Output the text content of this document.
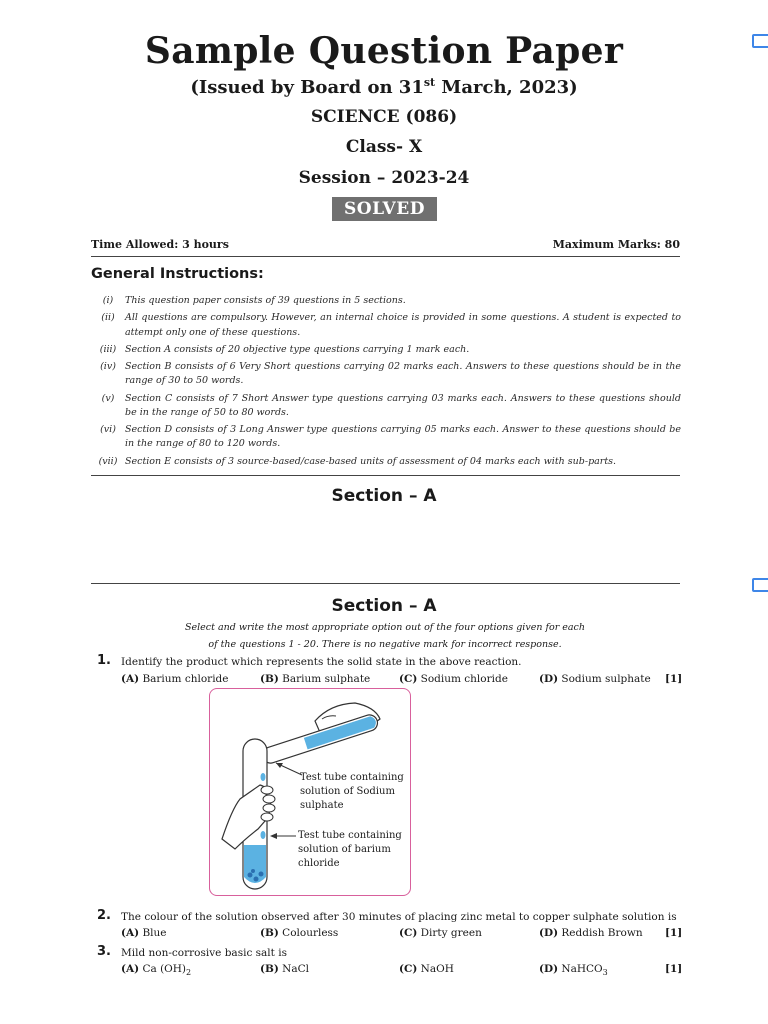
Sample Question Paper
(Issued by Board on 31st March, 2023)
SCIENCE (086)
Class- X
Session – 2023-24
SOLVED
Time Allowed: 3 hours	Maximum Marks: 80
General Instructions:
(i)	This question paper consists of 39 questions in 5 sections.
(ii)	All questions are compulsory. However, an internal choice is provided in some questions. A student is expected to attempt only one of these questions.
(iii) Section A consists of 20 objective type questions carrying 1 mark each.
(iv) Section B consists of 6 Very Short questions carrying 02 marks each. Answers to these questions should be in the range of 30 to 50 words.
(v)	Section C consists of 7 Short Answer type questions carrying 03 marks each. Answers to these questions should be in the range of 50 to 80 words.
(vi) Section D consists of 3 Long Answer type questions carrying 05 marks each. Answer to these questions should be in the range of 80 to 120 words.
(vii) Section E consists of 3 source-based/case-based units of assessment of 04 marks each with sub-parts.
Section – A
Section – A
Select and write the most appropriate option out of the four options given for each of the questions 1 - 20. There is no negative mark for incorrect response.
1. Identify the product which represents the solid state in the above reaction.
(A) Barium chloride	(B) Barium sulphate	(C) Sodium chloride	(D) Sodium sulphate [1]
Test tube containing
solution of Sodium
sulphate
Test tube containing
solution of barium
chloride
2. The colour of the solution observed after 30 minutes of placing zinc metal to copper sulphate solution is
(A) Blue	(B) Colourless	(C) Dirty green	(D) Reddish Brown [1]
3. Mild non-corrosive basic salt is
(A) Ca $(OH)_2$	(B) NaCl	(C) NaOH	(D) NaHCO$_3$	[1]
